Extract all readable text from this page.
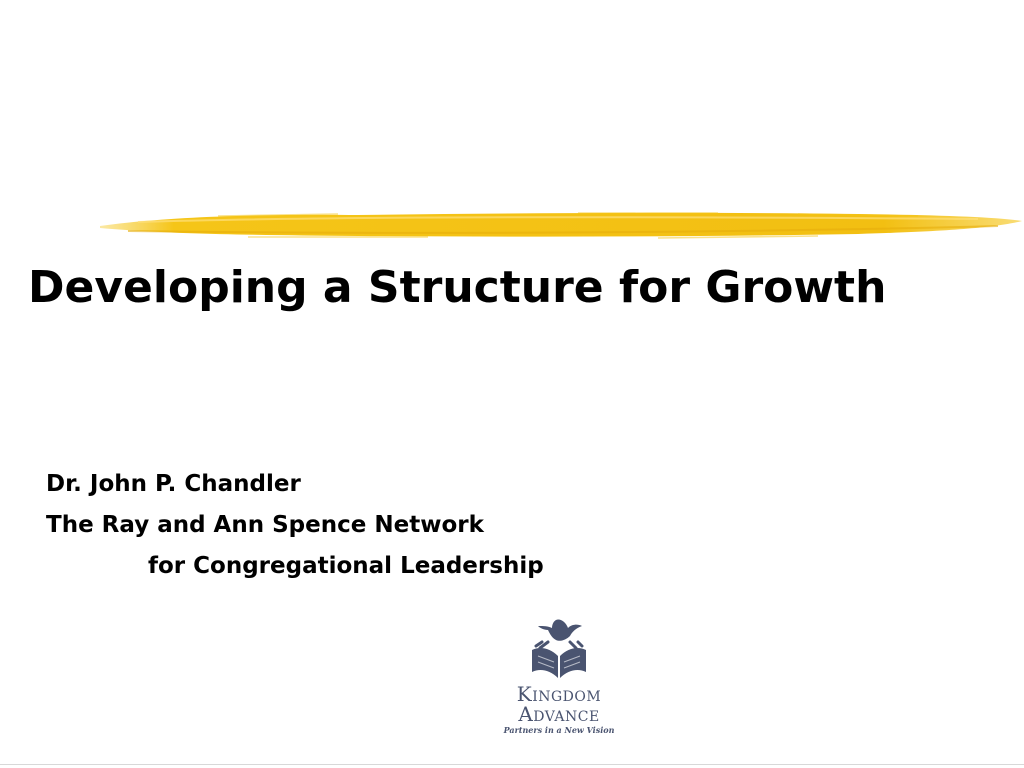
Developing a Structure for Growth
Dr. John P. Chandler
The Ray and Ann Spence Network
for Congregational Leadership
Kingdom
Advance
Partners in a New Vision
